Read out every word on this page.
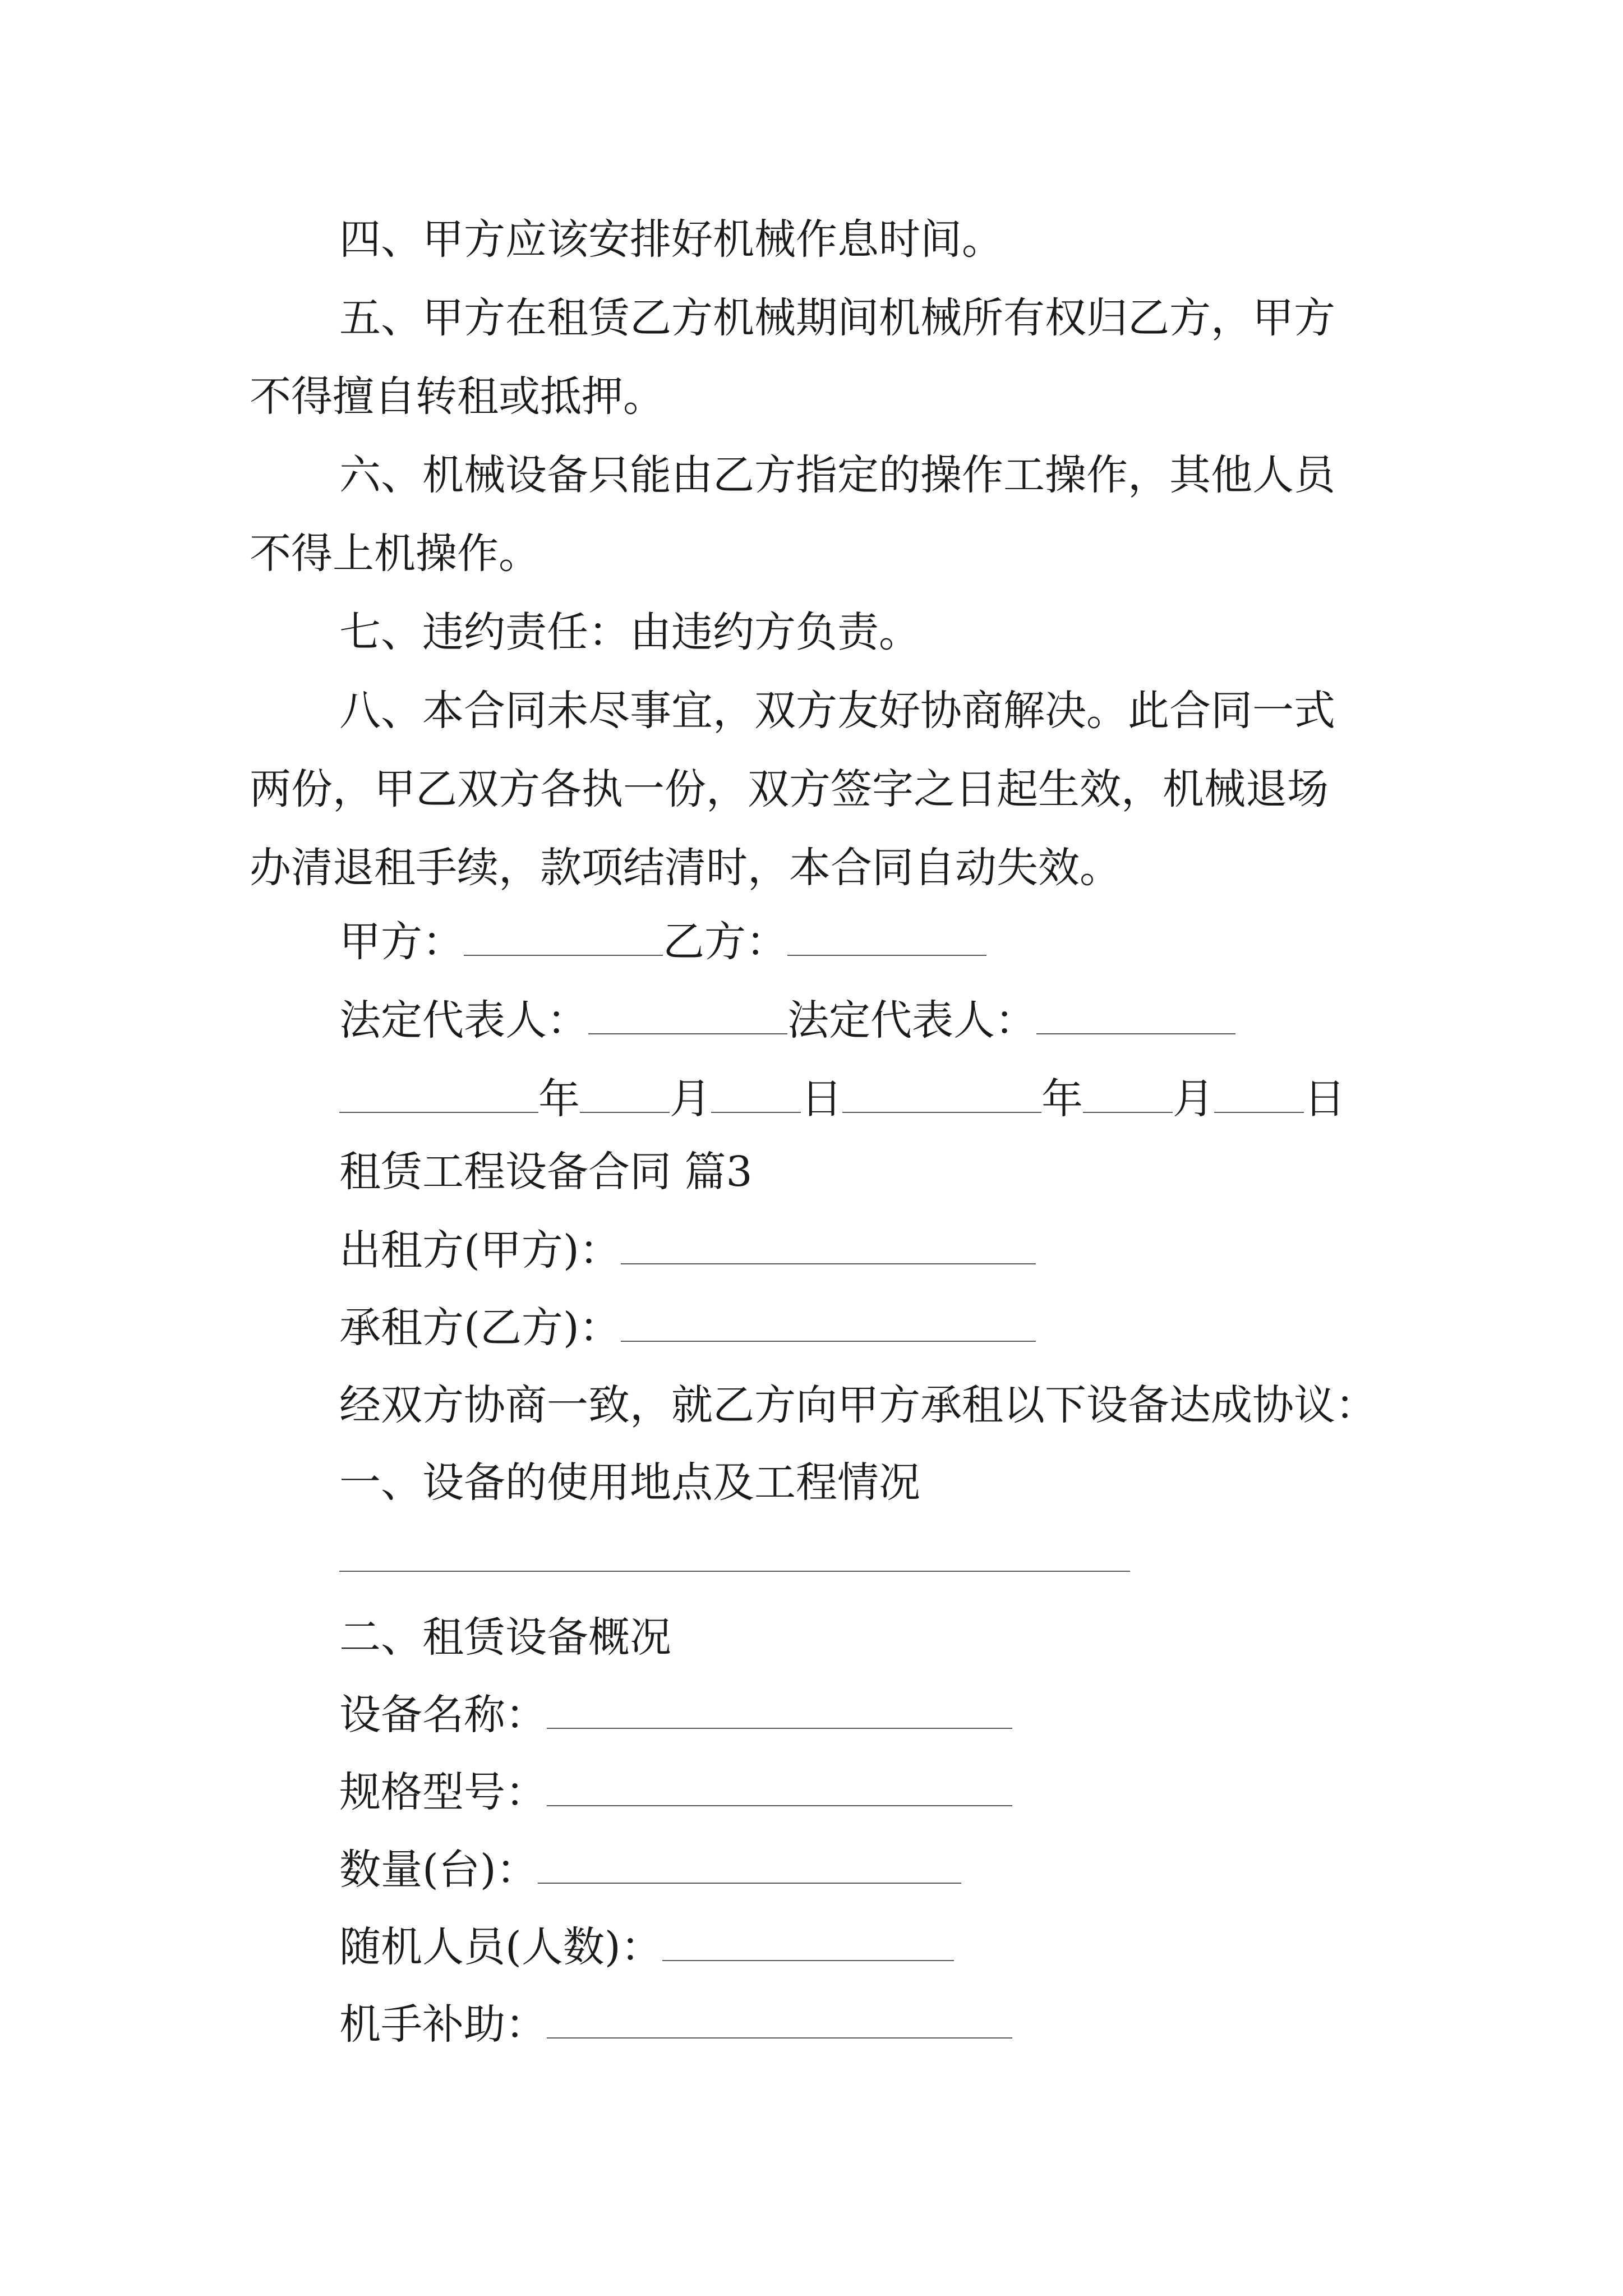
四、甲方应该安排好机械作息时间。
五、甲方在租赁乙方机械期间机械所有权归乙方，甲方
不得擅自转租或抵押。
六、机械设备只能由乙方指定的操作工操作，其他人员
不得上机操作。
七、违约责任：由违约方负责。
八、本合同未尽事宜，双方友好协商解决。此合同一式
两份，甲乙双方各执一份，双方签字之日起生效，机械退场
办清退租手续，款项结清时，本合同自动失效。
甲方：	乙方：
法定代表人：	法定代表人：
年 月 日	年 月 日
租赁工程设备合同 篇3
出租方(甲方)：
承租方(乙方)：
经双方协商一致，就乙方向甲方承租以下设备达成协议：
一、设备的使用地点及工程情况
二、租赁设备概况
设备名称：
规格型号：
数量(台)：
随机人员(人数)：
机手补助：
